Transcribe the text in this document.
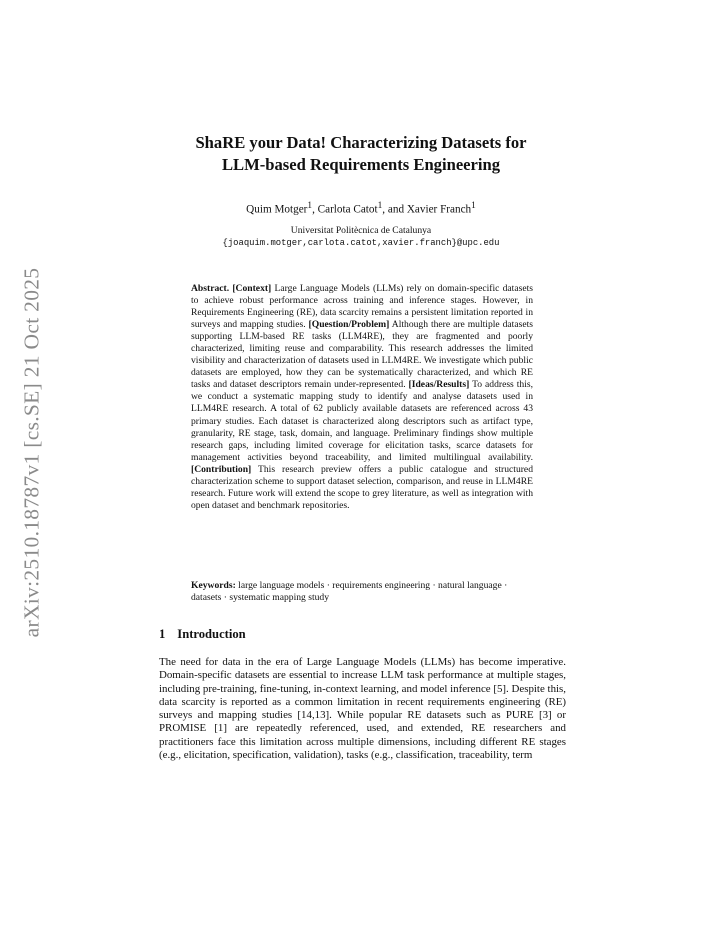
arXiv:2510.18787v1 [cs.SE] 21 Oct 2025
ShaRE your Data! Characterizing Datasets for
LLM-based Requirements Engineering
Quim Motger$^1$, Carlota Catot$^1$, and Xavier Franch$^1$
Universitat Politècnica de Catalunya
{joaquim.motger,carlota.catot,xavier.franch}@upc.edu
Abstract. [Context] Large Language Models (LLMs) rely on domain-specific datasets to achieve robust performance across training and inference stages. However, in Requirements Engineering (RE), data scarcity remains a persistent limitation reported in surveys and mapping studies. [Question/Problem] Although there are multiple datasets supporting LLM-based RE tasks (LLM4RE), they are fragmented and poorly characterized, limiting reuse and comparability. This research addresses the limited visibility and characterization of datasets used in LLM4RE. We investigate which public datasets are employed, how they can be systematically characterized, and which RE tasks and dataset descriptors remain under-represented. [Ideas/Results] To address this, we conduct a systematic mapping study to identify and analyse datasets used in LLM4RE research. A total of 62 publicly available datasets are referenced across 43 primary studies. Each dataset is characterized along descriptors such as artifact type, granularity, RE stage, task, domain, and language. Preliminary findings show multiple research gaps, including limited coverage for elicitation tasks, scarce datasets for management activities beyond traceability, and limited multilingual availability. [Contribution] This research preview offers a public catalogue and structured characterization scheme to support dataset selection, comparison, and reuse in LLM4RE research. Future work will extend the scope to grey literature, as well as integration with open dataset and benchmark repositories.
Keywords: large language models · requirements engineering · natural language · datasets · systematic mapping study
1 Introduction
The need for data in the era of Large Language Models (LLMs) has become imperative. Domain-specific datasets are essential to increase LLM task performance at multiple stages, including pre-training, fine-tuning, in-context learning, and model inference [5]. Despite this, data scarcity is reported as a common limitation in recent requirements engineering (RE) surveys and mapping studies [14,13]. While popular RE datasets such as PURE [3] or PROMISE [1] are repeatedly referenced, used, and extended, RE researchers and practitioners face this limitation across multiple dimensions, including different RE stages (e.g., elicitation, specification, validation), tasks (e.g., classification, traceability, term
